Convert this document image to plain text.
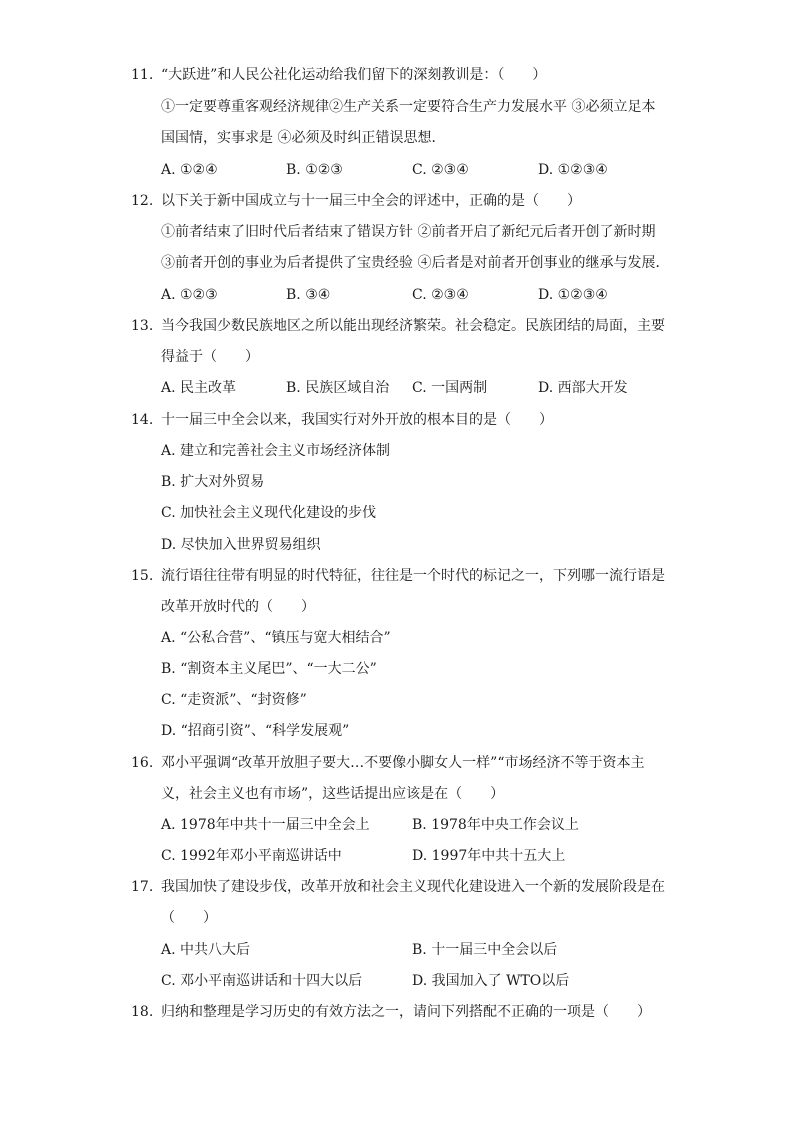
11. “大跃进”和人民公社化运动给我们留下的深刻教训是：（　　）
①一定要尊重客观经济规律②生产关系一定要符合生产力发展水平 ③必须立足本
国国情，实事求是 ④必须及时纠正错误思想．
A. ①②④	B. ①②③	C. ②③④	D. ①②③④
12. 以下关于新中国成立与十一届三中全会的评述中，正确的是（　　）
①前者结束了旧时代后者结束了错误方针 ②前者开启了新纪元后者开创了新时期
③前者开创的事业为后者提供了宝贵经验 ④后者是对前者开创事业的继承与发展．
A. ①②③	B. ③④	C. ②③④	D. ①②③④
13. 当今我国少数民族地区之所以能出现经济繁荣。社会稳定。民族团结的局面，主要
得益于（　　）
A. 民主改革	B. 民族区域自治 C. 一国两制	D. 西部大开发
14. 十一届三中全会以来，我国实行对外开放的根本目的是（　　）
A. 建立和完善社会主义市场经济体制
B. 扩大对外贸易
C. 加快社会主义现代化建设的步伐
D. 尽快加入世界贸易组织
15. 流行语往往带有明显的时代特征，往往是一个时代的标记之一，下列哪一流行语是
改革开放时代的（　　）
A. “公私合营”、“镇压与宽大相结合”
B. “割资本主义尾巴”、“一大二公”
C. “走资派”、“封资修”
D. “招商引资”、“科学发展观”
16. 邓小平强调“改革开放胆子要大…不要像小脚女人一样”“市场经济不等于资本主
义，社会主义也有市场”，这些话提出应该是在（　　）
A. 1978年中共十一届三中全会上	B. 1978年中央工作会议上
C. 1992年邓小平南巡讲话中	D. 1997年中共十五大上
17. 我国加快了建设步伐，改革开放和社会主义现代化建设进入一个新的发展阶段是在
（　　）
A. 中共八大后	B. 十一届三中全会以后
C. 邓小平南巡讲话和十四大以后	D. 我国加入了 WTO以后
18. 归纳和整理是学习历史的有效方法之一，请问下列搭配不正确的一项是（　　）
